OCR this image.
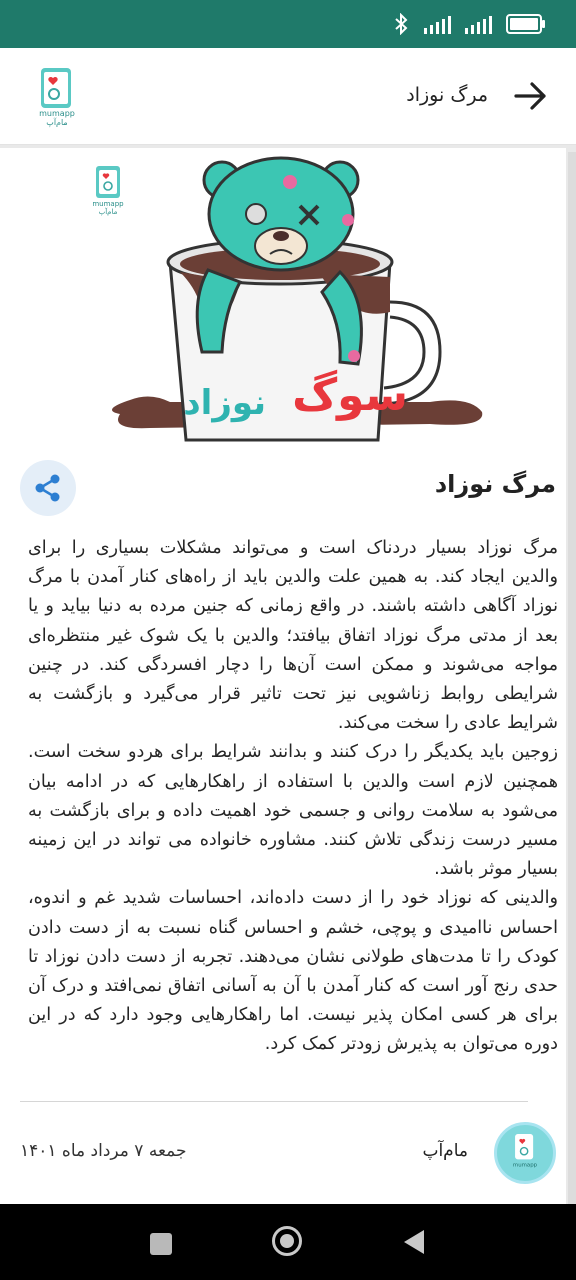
مرگ نوزاد
mumapp
مام‌آپ
mumapp
مام‌آپ
سوگ
نوزاد
مرگ نوزاد

مرگ نوزاد بسیار دردناک است و می‌تواند مشکلات بسیاری را برای والدین ایجاد کند. به همین علت والدین باید از راه‌های کنار آمدن با مرگ نوزاد آگاهی داشته باشند. در واقع زمانی که جنین مرده به دنیا بیاید و یا بعد از مدتی مرگ نوزاد اتفاق بیافتد؛ والدین با یک شوک غیر منتظره‌ای مواجه می‌شوند و ممکن است آن‌ها را دچار افسردگی کند. در چنین شرایطی روابط زناشویی نیز تحت تاثیر قرار می‌گیرد و بازگشت به شرایط عادی را سخت می‌کند.

زوجین باید یکدیگر را درک کنند و بدانند شرایط برای هردو سخت است. همچنین لازم است والدین با استفاده از راهکارهایی که در ادامه بیان می‌شود به سلامت روانی و جسمی خود اهمیت داده و برای بازگشت به مسیر درست زندگی تلاش کنند. مشاوره خانواده می تواند در این زمینه بسیار موثر باشد.

والدینی که نوزاد خود را از دست داده‌اند، احساسات شدید غم و اندوه، احساس ناامیدی و پوچی، خشم و احساس گناه نسبت به از دست دادن کودک را تا مدت‌های طولانی نشان می‌دهند. تجربه از دست دادن نوزاد تا حدی رنج آور است که کنار آمدن با آن به آسانی اتفاق نمی‌افتد و درک آن برای هر کسی امکان پذیر نیست. اما راهکارهایی وجود دارد که در این دوره می‌توان به پذیرش زودتر کمک کرد.

mumapp
مام‌آپ
جمعه ۷ مرداد ماه ۱۴۰۱
